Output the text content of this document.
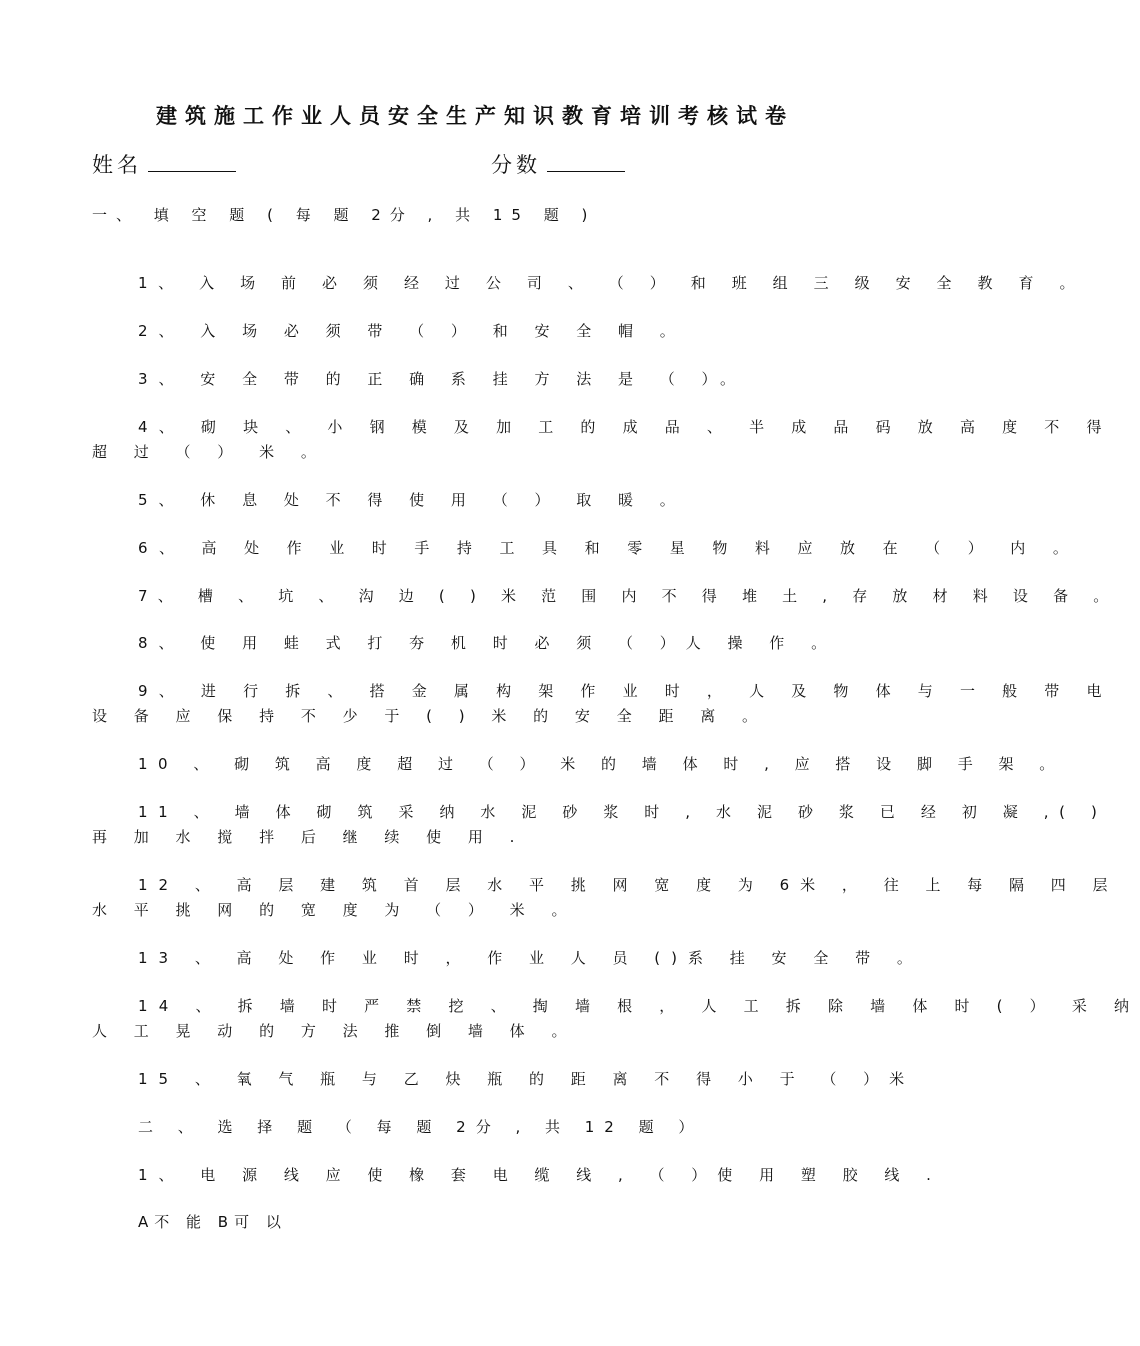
建筑施工作业人员安全生产知识教育培训考核试卷
姓名	分数
一、 填 空 题 ( 每 题 2分 , 共 15 题 )
1、 入 场 前 必 须 经 过 公 司 、 （ ） 和 班 组 三 级 安 全 教 育 。
2、 入 场 必 须 带 （ ） 和 安 全 帽 。
3、 安 全 带 的 正 确 系 挂 方 法 是 （ ）。
4、 砌 块 、 小 钢 模 及 加 工 的 成 品 、 半 成 品 码 放 高 度 不 得
超 过 （ ） 米 。
5、 休 息 处 不 得 使 用 （ ） 取 暖 。
6、 高 处 作 业 时 手 持 工 具 和 零 星 物 料 应 放 在 （ ） 内 。
7、 槽 、 坑 、 沟 边 ( ) 米 范 围 内 不 得 堆 土 , 存 放 材 料 设 备 。
8、 使 用 蛙 式 打 夯 机 时 必 须 （ ）人 操 作 。
9、 进 行 拆 、 搭 金 属 构 架 作 业 时 ， 人 及 物 体 与 一 般 带 电
设 备 应 保 持 不 少 于 ( ) 米 的 安 全 距 离 。
10 、 砌 筑 高 度 超 过 （ ） 米 的 墙 体 时 , 应 搭 设 脚 手 架 。
11 、 墙 体 砌 筑 采 纳 水 泥 砂 浆 时 , 水 泥 砂 浆 已 经 初 凝 ,( )
再 加 水 搅 拌 后 继 续 使 用 .
12 、 高 层 建 筑 首 层 水 平 挑 网 宽 度 为 6米 ， 往 上 每 隔 四 层
水 平 挑 网 的 宽 度 为 （ ） 米 。
13 、 高 处 作 业 时 ， 作 业 人 员 ()系 挂 安 全 带 。
14 、 拆 墙 时 严 禁 挖 、 掏 墙 根 ， 人 工 拆 除 墙 体 时 ( ） 采 纳
人 工 晃 动 的 方 法 推 倒 墙 体 。
15 、 氧 气 瓶 与 乙 炔 瓶 的 距 离 不 得 小 于 （ ）米
二 、 选 择 题 （ 每 题 2分 , 共 12 题 ）
1、 电 源 线 应 使 橡 套 电 缆 线 , （ ）使 用 塑 胶 线 .
A不 能 B可 以
